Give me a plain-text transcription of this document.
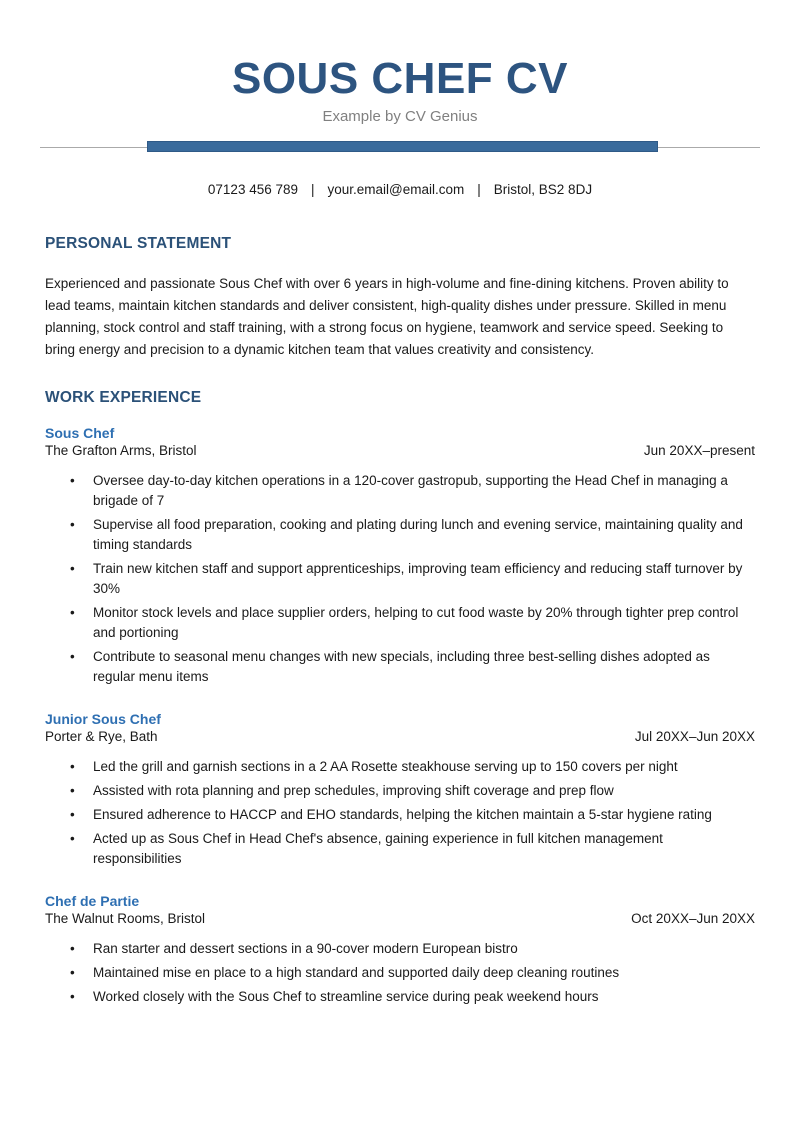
SOUS CHEF CV
Example by CV Genius
07123 456 789 | your.email@email.com | Bristol, BS2 8DJ
PERSONAL STATEMENT

Experienced and passionate Sous Chef with over 6 years in high-volume and fine-dining kitchens. Proven ability to lead teams, maintain kitchen standards and deliver consistent, high-quality dishes under pressure. Skilled in menu planning, stock control and staff training, with a strong focus on hygiene, teamwork and service speed. Seeking to bring energy and precision to a dynamic kitchen team that values creativity and consistency.

WORK EXPERIENCE
Sous Chef
The Grafton Arms, Bristol	Jun 20XX–present
• Oversee day-to-day kitchen operations in a 120-cover gastropub, supporting the Head Chef in managing a brigade of 7
• Supervise all food preparation, cooking and plating during lunch and evening service, maintaining quality and timing standards
• Train new kitchen staff and support apprenticeships, improving team efficiency and reducing staff turnover by 30%
• Monitor stock levels and place supplier orders, helping to cut food waste by 20% through tighter prep control and portioning
• Contribute to seasonal menu changes with new specials, including three best-selling dishes adopted as regular menu items
Junior Sous Chef
Porter & Rye, Bath	Jul 20XX–Jun 20XX
• Led the grill and garnish sections in a 2 AA Rosette steakhouse serving up to 150 covers per night
• Assisted with rota planning and prep schedules, improving shift coverage and prep flow
• Ensured adherence to HACCP and EHO standards, helping the kitchen maintain a 5-star hygiene rating
• Acted up as Sous Chef in Head Chef's absence, gaining experience in full kitchen management responsibilities
Chef de Partie
The Walnut Rooms, Bristol	Oct 20XX–Jun 20XX
• Ran starter and dessert sections in a 90-cover modern European bistro
• Maintained mise en place to a high standard and supported daily deep cleaning routines
• Worked closely with the Sous Chef to streamline service during peak weekend hours
